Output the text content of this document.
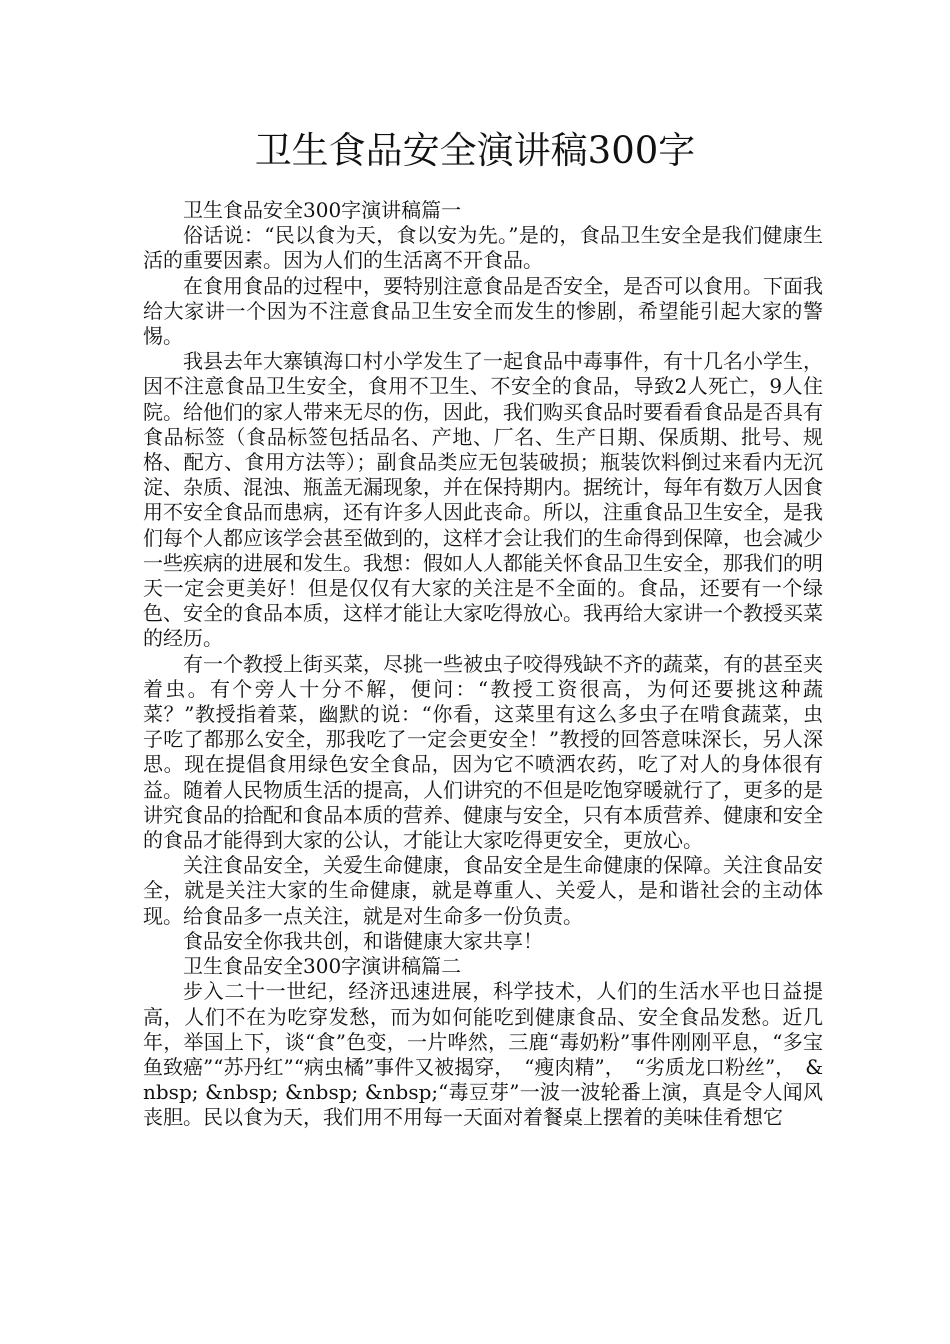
卫生食品安全演讲稿300字

卫生食品安全300字演讲稿篇一

俗话说：“民以食为天，食以安为先。”是的，食品卫生安全是我们健康生活的重要因素。因为人们的生活离不开食品。

在食用食品的过程中，要特别注意食品是否安全，是否可以食用。下面我给大家讲一个因为不注意食品卫生安全而发生的惨剧，希望能引起大家的警惕。

我县去年大寨镇海口村小学发生了一起食品中毒事件，有十几名小学生，因不注意食品卫生安全，食用不卫生、不安全的食品，导致2人死亡，9人住院。给他们的家人带来无尽的伤，因此，我们购买食品时要看看食品是否具有食品标签（食品标签包括品名、产地、厂名、生产日期、保质期、批号、规格、配方、食用方法等）；副食品类应无包装破损；瓶装饮料倒过来看内无沉淀、杂质、混浊、瓶盖无漏现象，并在保持期内。据统计，每年有数万人因食用不安全食品而患病，还有许多人因此丧命。所以，注重食品卫生安全，是我们每个人都应该学会甚至做到的，这样才会让我们的生命得到保障，也会减少一些疾病的进展和发生。我想：假如人人都能关怀食品卫生安全，那我们的明天一定会更美好！但是仅仅有大家的关注是不全面的。食品，还要有一个绿色、安全的食品本质，这样才能让大家吃得放心。我再给大家讲一个教授买菜的经历。

有一个教授上街买菜，尽挑一些被虫子咬得残缺不齐的蔬菜，有的甚至夹着虫。有个旁人十分不解，便问：“教授工资很高，为何还要挑这种蔬菜？”教授指着菜，幽默的说：“你看，这菜里有这么多虫子在啃食蔬菜，虫子吃了都那么安全，那我吃了一定会更安全！”教授的回答意味深长，另人深思。现在提倡食用绿色安全食品，因为它不喷洒农药，吃了对人的身体很有益。随着人民物质生活的提高，人们讲究的不但是吃饱穿暖就行了，更多的是讲究食品的拾配和食品本质的营养、健康与安全，只有本质营养、健康和安全的食品才能得到大家的公认，才能让大家吃得更安全，更放心。

关注食品安全，关爱生命健康，食品安全是生命健康的保障。关注食品安全，就是关注大家的生命健康，就是尊重人、关爱人，是和谐社会的主动体现。给食品多一点关注，就是对生命多一份负责。

食品安全你我共创，和谐健康大家共享！

卫生食品安全300字演讲稿篇二

步入二十一世纪，经济迅速进展，科学技术，人们的生活水平也日益提高，人们不在为吃穿发愁，而为如何能吃到健康食品、安全食品发愁。近几年，举国上下，谈“食”色变，一片哗然，三鹿“毒奶粉”事件刚刚平息，“多宝鱼致癌”“苏丹红”“病虫橘”事件又被揭穿，　“瘦肉精”，　“劣质龙口粉丝”，　&nbsp; &nbsp; &nbsp; &nbsp;“毒豆芽”一波一波轮番上演，真是令人闻风丧胆。民以食为天，我们用不用每一天面对着餐桌上摆着的美味佳肴想它
